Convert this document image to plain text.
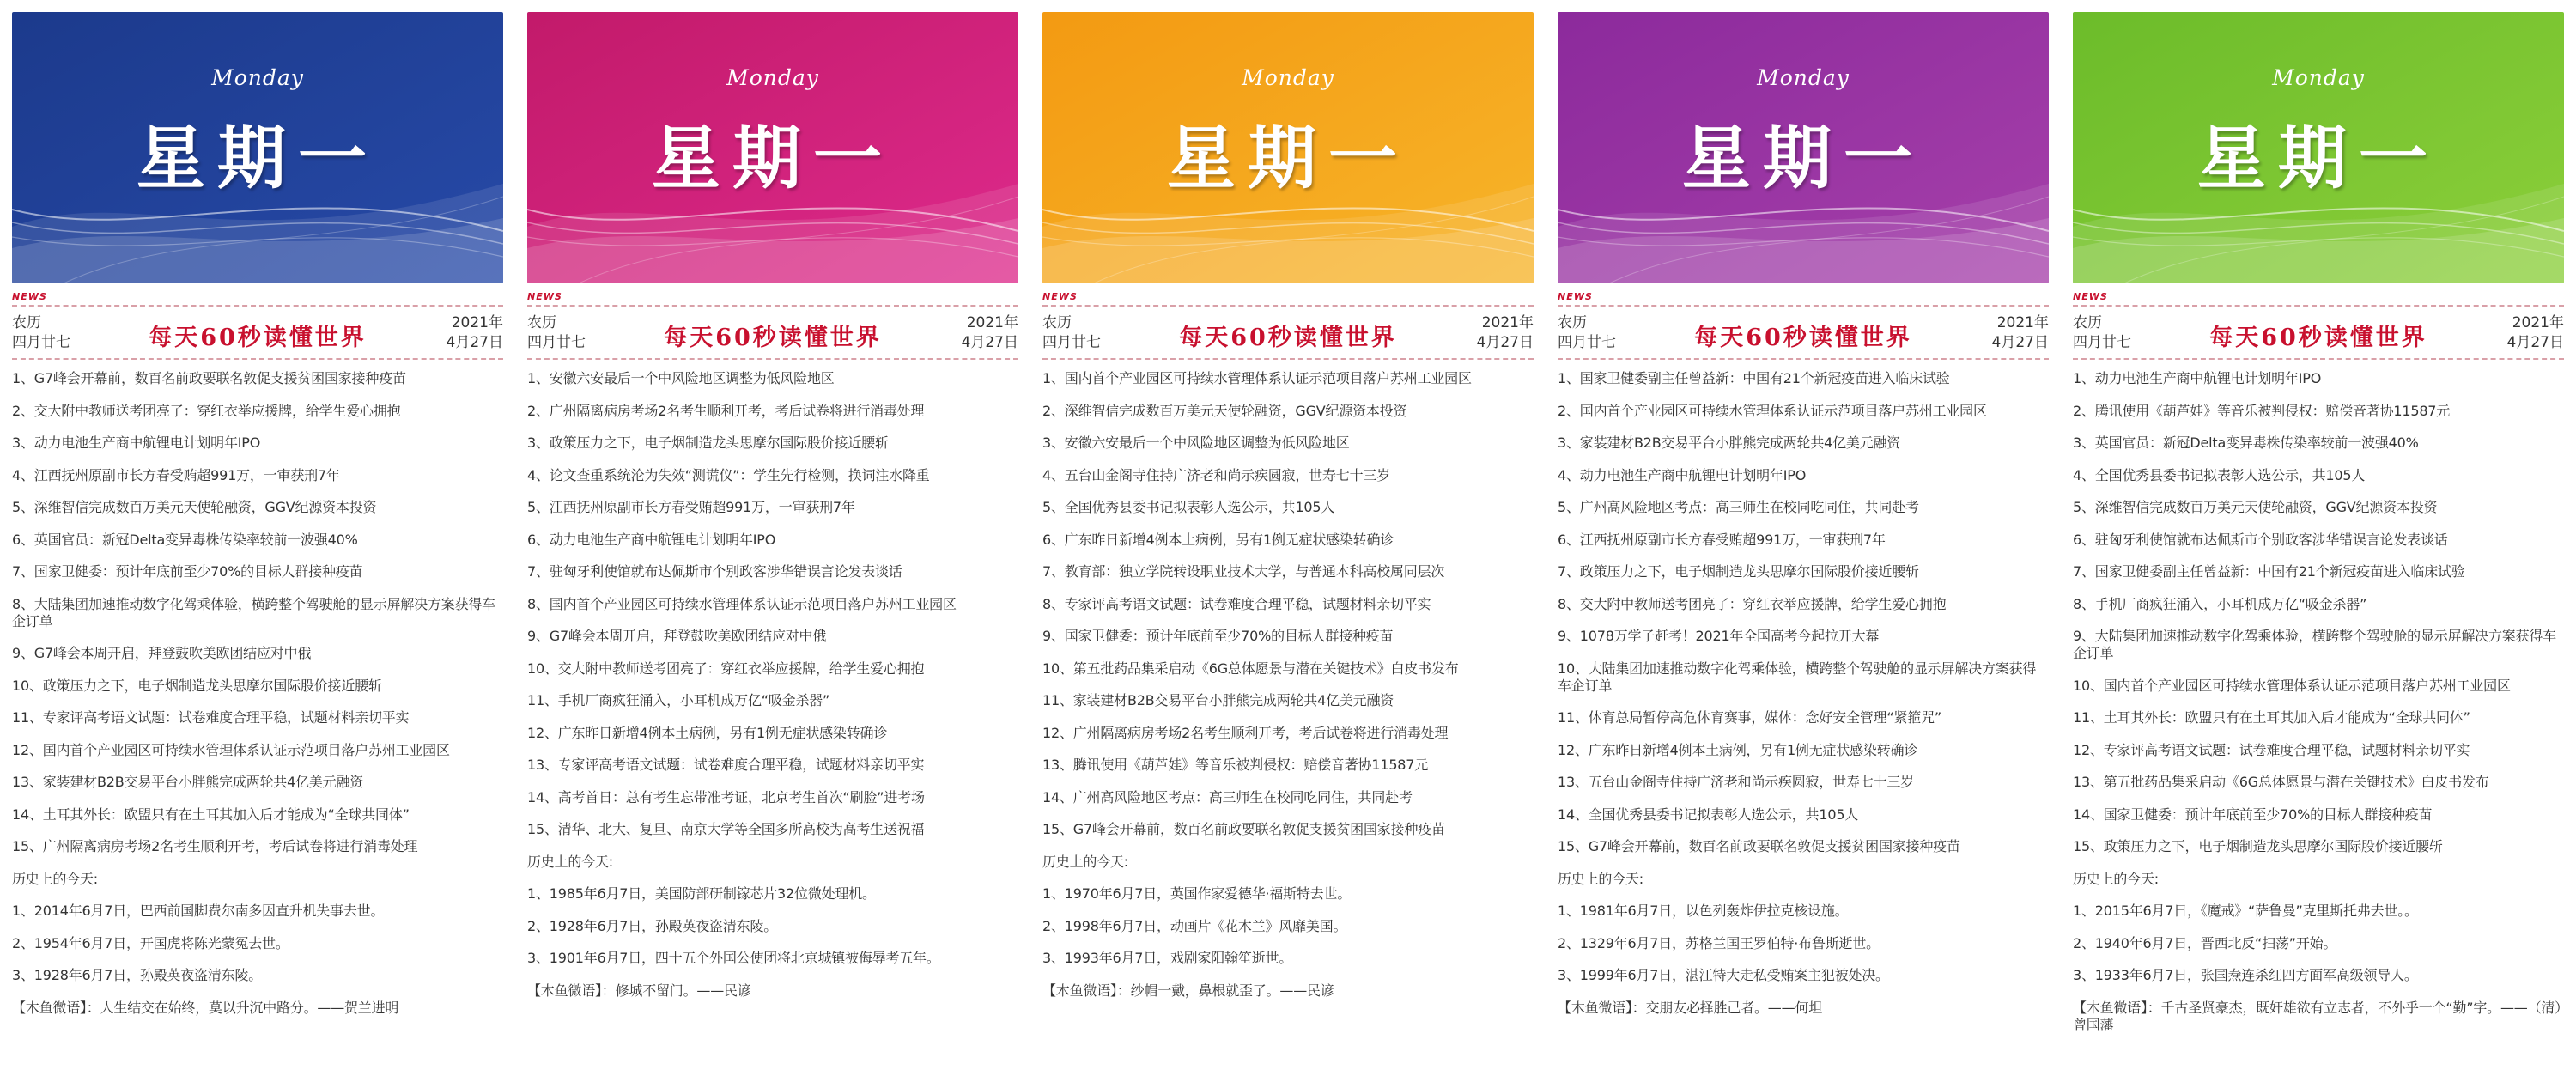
Monday
星期一
NEWS
农历
四月廿七	每天60秒读懂世界
2021年
4月27日
1、G7峰会开幕前，数百名前政要联名敦促支援贫困国家接种疫苗
2、交大附中教师送考团亮了：穿红衣举应援牌，给学生爱心拥抱
3、动力电池生产商中航锂电计划明年IPO
4、江西抚州原副市长方春受贿超991万，一审获刑7年
5、深维智信完成数百万美元天使轮融资，GGV纪源资本投资
6、英国官员：新冠Delta变异毒株传染率较前一波强40%
7、国家卫健委：预计年底前至少70%的目标人群接种疫苗
8、大陆集团加速推动数字化驾乘体验，横跨整个驾驶舱的显示屏解决方案获得车企订单
9、G7峰会本周开启，拜登鼓吹美欧团结应对中俄
10、政策压力之下，电子烟制造龙头思摩尔国际股价接近腰斩
11、专家评高考语文试题：试卷难度合理平稳，试题材料亲切平实
12、国内首个产业园区可持续水管理体系认证示范项目落户苏州工业园区
13、家装建材B2B交易平台小胖熊完成两轮共4亿美元融资
14、土耳其外长：欧盟只有在土耳其加入后才能成为“全球共同体”
15、广州隔离病房考场2名考生顺利开考，考后试卷将进行消毒处理
历史上的今天:
1、2014年6月7日，巴西前国脚费尔南多因直升机失事去世。
2、1954年6月7日，开国虎将陈光蒙冤去世。
3、1928年6月7日，孙殿英夜盗清东陵。
【木鱼微语】：人生结交在始终，莫以升沉中路分。——贺兰进明
Monday
星期一
NEWS
农历
四月廿七	每天60秒读懂世界
2021年
4月27日
1、安徽六安最后一个中风险地区调整为低风险地区
2、广州隔离病房考场2名考生顺利开考，考后试卷将进行消毒处理
3、政策压力之下，电子烟制造龙头思摩尔国际股价接近腰斩
4、论文查重系统沦为失效“测谎仪”：学生先行检测，换词注水降重
5、江西抚州原副市长方春受贿超991万，一审获刑7年
6、动力电池生产商中航锂电计划明年IPO
7、驻匈牙利使馆就布达佩斯市个别政客涉华错误言论发表谈话
8、国内首个产业园区可持续水管理体系认证示范项目落户苏州工业园区
9、G7峰会本周开启，拜登鼓吹美欧团结应对中俄
10、交大附中教师送考团亮了：穿红衣举应援牌，给学生爱心拥抱
11、手机厂商疯狂涌入，小耳机成万亿“吸金杀器”
12、广东昨日新增4例本土病例，另有1例无症状感染转确诊
13、专家评高考语文试题：试卷难度合理平稳，试题材料亲切平实
14、高考首日：总有考生忘带准考证，北京考生首次“刷脸”进考场
15、清华、北大、复旦、南京大学等全国多所高校为高考生送祝福
历史上的今天:
1、1985年6月7日，美国防部研制镓芯片32位微处理机。
2、1928年6月7日，孙殿英夜盗清东陵。
3、1901年6月7日，四十五个外国公使团将北京城镇被侮辱考五年。
【木鱼微语】：修城不留门。——民谚
Monday
星期一
NEWS
农历
四月廿七	每天60秒读懂世界
2021年
4月27日
1、国内首个产业园区可持续水管理体系认证示范项目落户苏州工业园区
2、深维智信完成数百万美元天使轮融资，GGV纪源资本投资
3、安徽六安最后一个中风险地区调整为低风险地区
4、五台山金阁寺住持广济老和尚示疾圆寂，世寿七十三岁
5、全国优秀县委书记拟表彰人选公示，共105人
6、广东昨日新增4例本土病例，另有1例无症状感染转确诊
7、教育部：独立学院转设职业技术大学，与普通本科高校属同层次
8、专家评高考语文试题：试卷难度合理平稳，试题材料亲切平实
9、国家卫健委：预计年底前至少70%的目标人群接种疫苗
10、第五批药品集采启动《6G总体愿景与潜在关键技术》白皮书发布
11、家装建材B2B交易平台小胖熊完成两轮共4亿美元融资
12、广州隔离病房考场2名考生顺利开考，考后试卷将进行消毒处理
13、腾讯使用《葫芦娃》等音乐被判侵权：赔偿音著协11587元
14、广州高风险地区考点：高三师生在校同吃同住，共同赴考
15、G7峰会开幕前，数百名前政要联名敦促支援贫困国家接种疫苗
历史上的今天:
1、1970年6月7日，英国作家爱德华·福斯特去世。
2、1998年6月7日，动画片《花木兰》风靡美国。
3、1993年6月7日，戏剧家阳翰笙逝世。
【木鱼微语】：纱帽一戴，鼻根就歪了。——民谚
Monday
星期一
NEWS
农历
四月廿七	每天60秒读懂世界
2021年
4月27日
1、国家卫健委副主任曾益新：中国有21个新冠疫苗进入临床试验
2、国内首个产业园区可持续水管理体系认证示范项目落户苏州工业园区
3、家装建材B2B交易平台小胖熊完成两轮共4亿美元融资
4、动力电池生产商中航锂电计划明年IPO
5、广州高风险地区考点：高三师生在校同吃同住，共同赴考
6、江西抚州原副市长方春受贿超991万，一审获刑7年
7、政策压力之下，电子烟制造龙头思摩尔国际股价接近腰斩
8、交大附中教师送考团亮了：穿红衣举应援牌，给学生爱心拥抱
9、1078万学子赶考！2021年全国高考今起拉开大幕
10、大陆集团加速推动数字化驾乘体验，横跨整个驾驶舱的显示屏解决方案获得车企订单
11、体育总局暂停高危体育赛事，媒体：念好安全管理“紧箍咒”
12、广东昨日新增4例本土病例，另有1例无症状感染转确诊
13、五台山金阁寺住持广济老和尚示疾圆寂，世寿七十三岁
14、全国优秀县委书记拟表彰人选公示，共105人
15、G7峰会开幕前，数百名前政要联名敦促支援贫困国家接种疫苗
历史上的今天:
1、1981年6月7日，以色列轰炸伊拉克核设施。
2、1329年6月7日，苏格兰国王罗伯特·布鲁斯逝世。
3、1999年6月7日，湛江特大走私受贿案主犯被处决。
【木鱼微语】：交朋友必择胜己者。——何坦
Monday
星期一
NEWS
农历
四月廿七	每天60秒读懂世界
2021年
4月27日
1、动力电池生产商中航锂电计划明年IPO
2、腾讯使用《葫芦娃》等音乐被判侵权：赔偿音著协11587元
3、英国官员：新冠Delta变异毒株传染率较前一波强40%
4、全国优秀县委书记拟表彰人选公示，共105人
5、深维智信完成数百万美元天使轮融资，GGV纪源资本投资
6、驻匈牙利使馆就布达佩斯市个别政客涉华错误言论发表谈话
7、国家卫健委副主任曾益新：中国有21个新冠疫苗进入临床试验
8、手机厂商疯狂涌入，小耳机成万亿“吸金杀器”
9、大陆集团加速推动数字化驾乘体验，横跨整个驾驶舱的显示屏解决方案获得车企订单
10、国内首个产业园区可持续水管理体系认证示范项目落户苏州工业园区
11、土耳其外长：欧盟只有在土耳其加入后才能成为“全球共同体”
12、专家评高考语文试题：试卷难度合理平稳，试题材料亲切平实
13、第五批药品集采启动《6G总体愿景与潜在关键技术》白皮书发布
14、国家卫健委：预计年底前至少70%的目标人群接种疫苗
15、政策压力之下，电子烟制造龙头思摩尔国际股价接近腰斩
历史上的今天:
1、2015年6月7日，《魔戒》“萨鲁曼”克里斯托弗去世。。
2、1940年6月7日，晋西北反“扫荡”开始。
3、1933年6月7日，张国焘连杀红四方面军高级领导人。
【木鱼微语】：千古圣贤豪杰，既奸雄欲有立志者，不外乎一个“勤”字。——（清）曾国藩
